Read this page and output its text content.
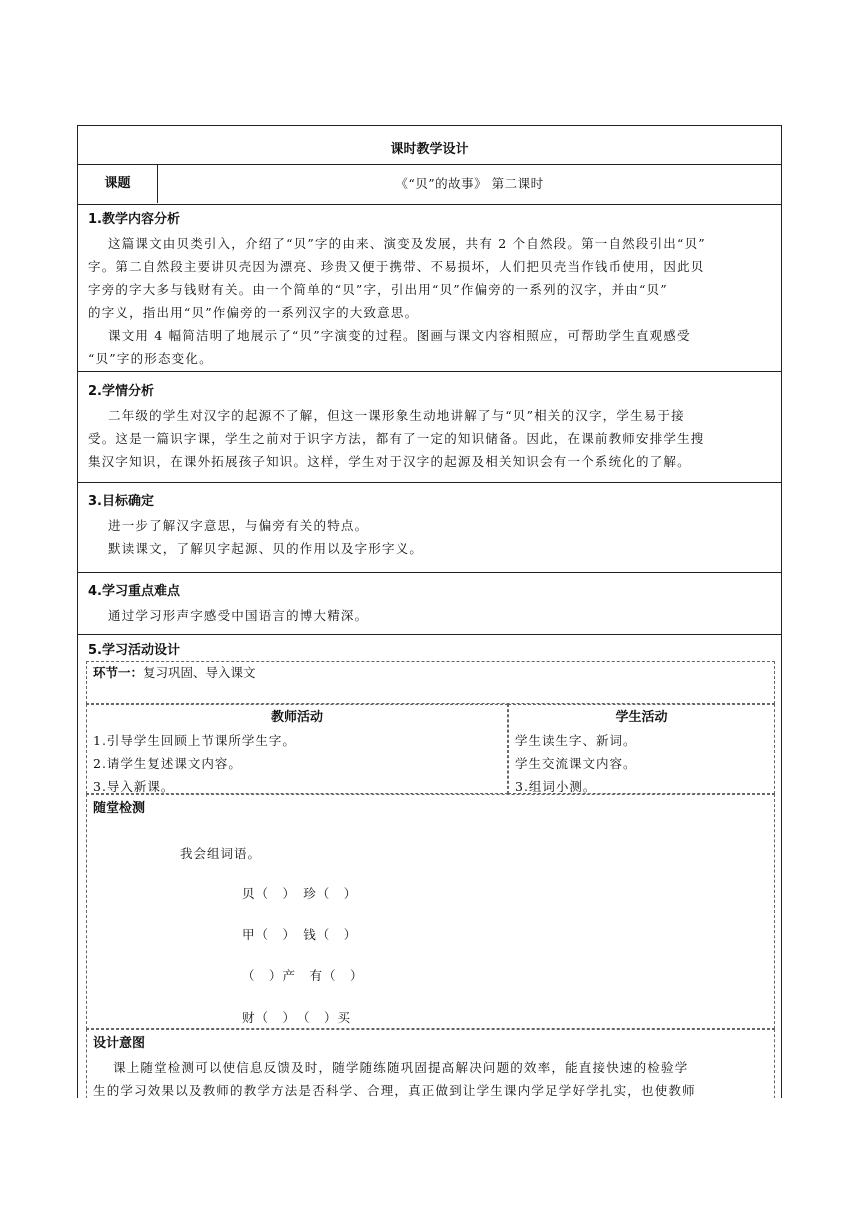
课时教学设计
课题	《“贝”的故事》 第二课时
1.教学内容分析

这篇课文由贝类引入，介绍了“贝”字的由来、演变及发展，共有 2 个自然段。第一自然段引出“贝”

字。第二自然段主要讲贝壳因为漂亮、珍贵又便于携带、不易损坏，人们把贝壳当作钱币使用，因此贝

字旁的字大多与钱财有关。由一个简单的“贝”字，引出用“贝”作偏旁的一系列的汉字，并由“贝”

的字义，指出用“贝”作偏旁的一系列汉字的大致意思。

课文用 4 幅简洁明了地展示了“贝”字演变的过程。图画与课文内容相照应，可帮助学生直观感受

“贝”字的形态变化。

2.学情分析

二年级的学生对汉字的起源不了解，但这一课形象生动地讲解了与“贝”相关的汉字，学生易于接

受。这是一篇识字课，学生之前对于识字方法，都有了一定的知识储备。因此，在课前教师安排学生搜

集汉字知识，在课外拓展孩子知识。这样，学生对于汉字的起源及相关知识会有一个系统化的了解。

3.目标确定

进一步了解汉字意思，与偏旁有关的特点。

默读课文，了解贝字起源、贝的作用以及字形字义。

4.学习重点难点

通过学习形声字感受中国语言的博大精深。

5.学习活动设计
环节一：复习巩固、导入课文
教师活动
1.引导学生回顾上节课所学生字。
2.请学生复述课文内容。
3.导入新课。
学生活动
学生读生字、新词。
学生交流课文内容。
3.组词小测。
随堂检测
我会组词语。
贝（　）　珍（　）
甲（　）　钱（　）
（　）产　有（　）
财（　）　（　）买
设计意图

课上随堂检测可以使信息反馈及时，随学随练随巩固提高解决问题的效率，能直接快速的检验学

生的学习效果以及教师的教学方法是否科学、合理，真正做到让学生课内学足学好学扎实，也使教师
